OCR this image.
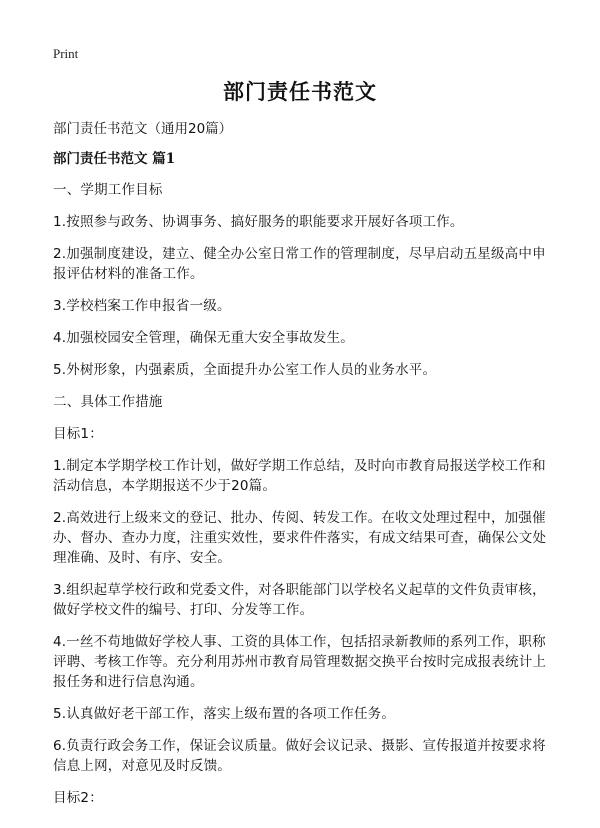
Print
部门责任书范文
部门责任书范文（通用20篇）
部门责任书范文 篇1

一、学期工作目标

1.按照参与政务、协调事务、搞好服务的职能要求开展好各项工作。

2.加强制度建设，建立、健全办公室日常工作的管理制度，尽早启动五星级高中申报评估材料的准备工作。

3.学校档案工作申报省一级。

4.加强校园安全管理，确保无重大安全事故发生。

5.外树形象，内强素质，全面提升办公室工作人员的业务水平。

二、具体工作措施

目标1：

1.制定本学期学校工作计划，做好学期工作总结，及时向市教育局报送学校工作和活动信息，本学期报送不少于20篇。

2.高效进行上级来文的登记、批办、传阅、转发工作。在收文处理过程中，加强催办、督办、查办力度，注重实效性，要求件件落实，有成文结果可查，确保公文处理准确、及时、有序、安全。

3.组织起草学校行政和党委文件，对各职能部门以学校名义起草的文件负责审核，做好学校文件的编号、打印、分发等工作。

4.一丝不苟地做好学校人事、工资的具体工作，包括招录新教师的系列工作，职称评聘、考核工作等。充分利用苏州市教育局管理数据交换平台按时完成报表统计上报任务和进行信息沟通。

5.认真做好老干部工作，落实上级布置的各项工作任务。

6.负责行政会务工作，保证会议质量。做好会议记录、摄影、宣传报道并按要求将信息上网，对意见及时反馈。

目标2：
